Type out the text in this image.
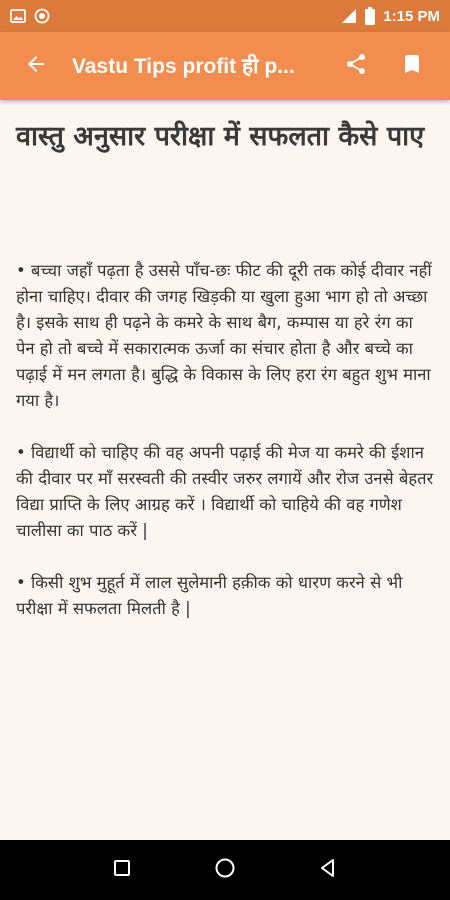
1:15 PM
Vastu Tips profit ही p...
वास्तु अनुसार परीक्षा में सफलता कैसे पाए

• बच्चा जहाँ पढ़ता है उससे पाँच-छः फीट की दूरी तक कोई दीवार नहीं होना चाहिए। दीवार की जगह खिड़की या खुला हुआ भाग हो तो अच्छा है। इसके साथ ही पढ़ने के कमरे के साथ बैग, कम्पास या हरे रंग का पेन हो तो बच्चे में सकारात्मक ऊर्जा का संचार होता है और बच्चे का पढ़ाई में मन लगता है। बुद्धि के विकास के लिए हरा रंग बहुत शुभ माना गया है।

• विद्यार्थी को चाहिए की वह अपनी पढ़ाई की मेज या कमरे की ईशान की दीवार पर माँ सरस्वती की तस्वीर जरुर लगायें और रोज उनसे बेहतर विद्या प्राप्ति के लिए आग्रह करें । विद्यार्थी को चाहिये की वह गणेश चालीसा का पाठ करें |

• किसी शुभ मुहूर्त में लाल सुलेमानी हक़ीक को धारण करने से भी परीक्षा में सफलता मिलती है |
